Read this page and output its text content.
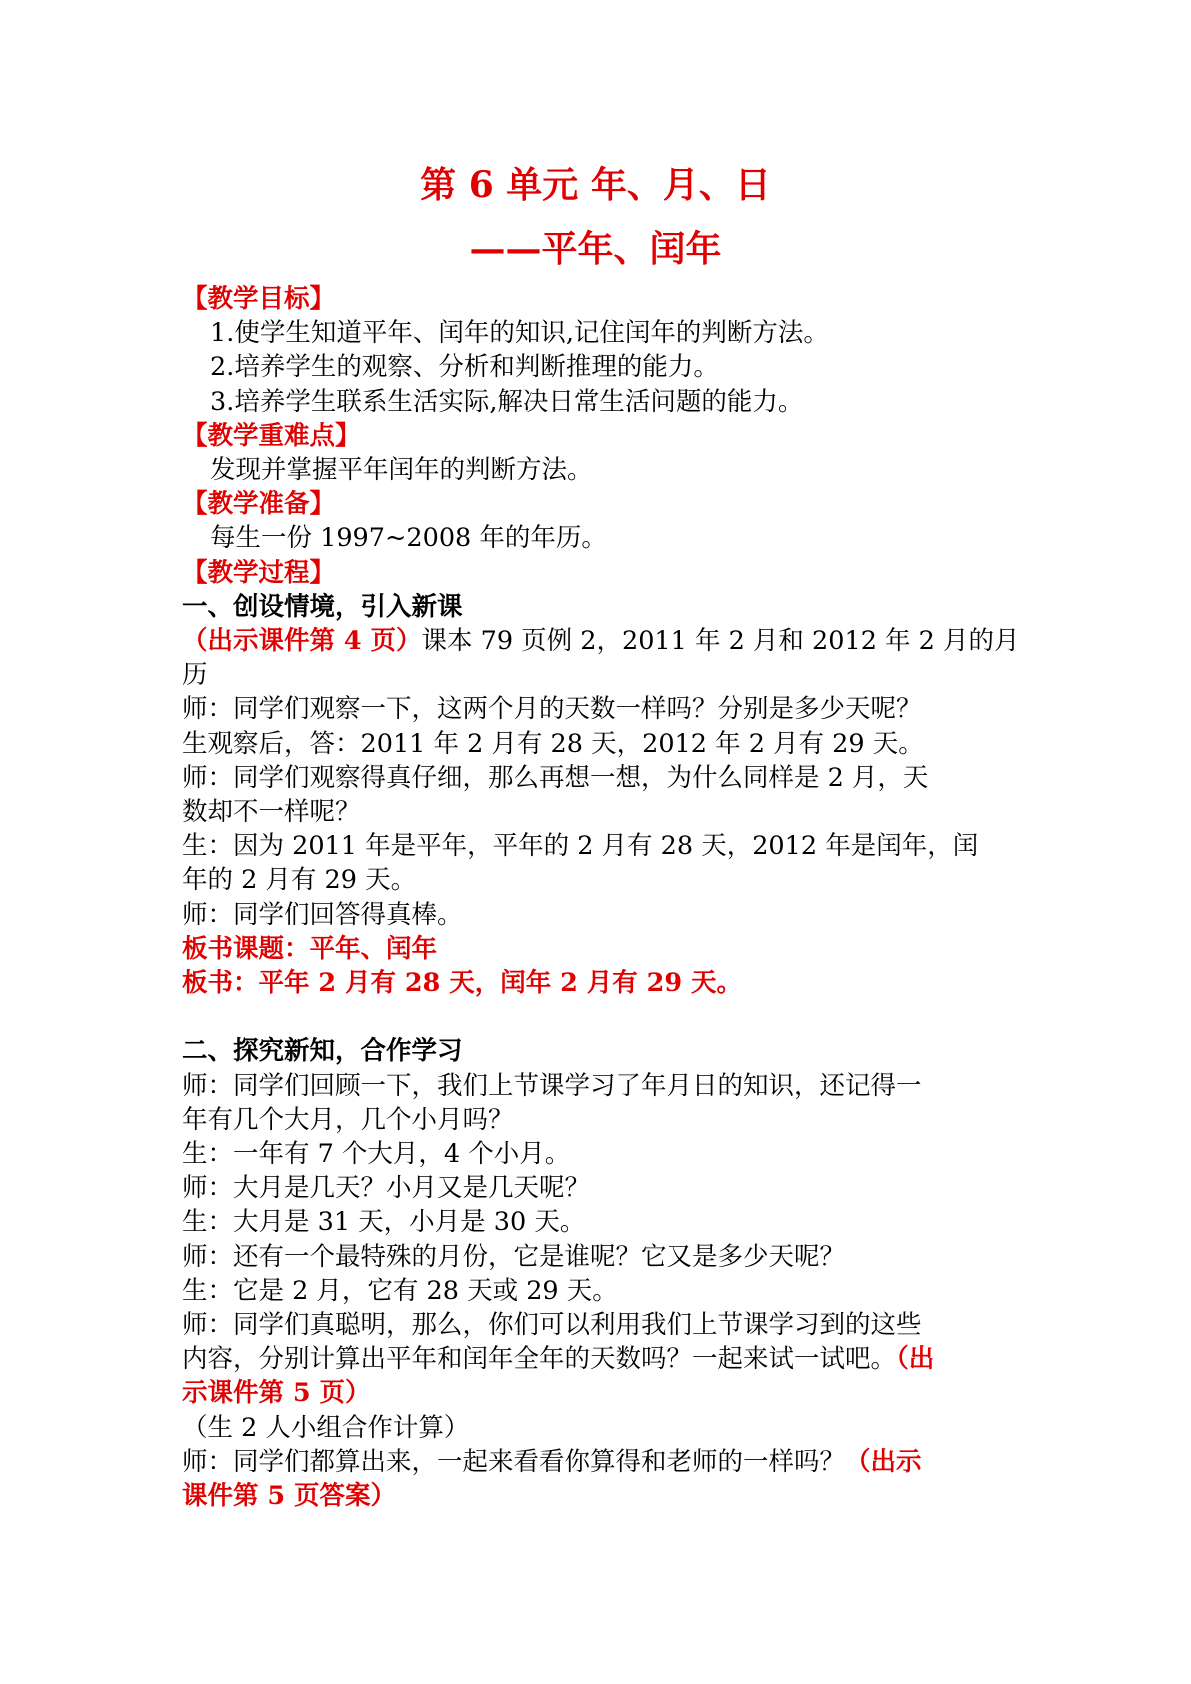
第 6 单元 年、月、日
——平年、闰年
【教学目标】
1.使学生知道平年、闰年的知识,记住闰年的判断方法。
2.培养学生的观察、分析和判断推理的能力。
3.培养学生联系生活实际,解决日常生活问题的能力。
【教学重难点】
发现并掌握平年闰年的判断方法。
【教学准备】
每生一份 1997~2008 年的年历。
【教学过程】
一、创设情境，引入新课
（出示课件第 4 页）课本 79 页例 2，2011 年 2 月和 2012 年 2 月的月
历
师：同学们观察一下，这两个月的天数一样吗？分别是多少天呢？
生观察后，答：2011 年 2 月有 28 天，2012 年 2 月有 29 天。
师：同学们观察得真仔细，那么再想一想，为什么同样是 2 月，天
数却不一样呢？
生：因为 2011 年是平年，平年的 2 月有 28 天，2012 年是闰年，闰
年的 2 月有 29 天。
师：同学们回答得真棒。
板书课题：平年、闰年
板书：平年 2 月有 28 天，闰年 2 月有 29 天。
二、探究新知，合作学习
师：同学们回顾一下，我们上节课学习了年月日的知识，还记得一
年有几个大月，几个小月吗？
生：一年有 7 个大月，4 个小月。
师：大月是几天？小月又是几天呢？
生：大月是 31 天，小月是 30 天。
师：还有一个最特殊的月份，它是谁呢？它又是多少天呢？
生：它是 2 月，它有 28 天或 29 天。
师：同学们真聪明，那么，你们可以利用我们上节课学习到的这些
内容，分别计算出平年和闰年全年的天数吗？一起来试一试吧。（出
示课件第 5 页）
（生 2 人小组合作计算）
师：同学们都算出来，一起来看看你算得和老师的一样吗？（出示
课件第 5 页答案）
